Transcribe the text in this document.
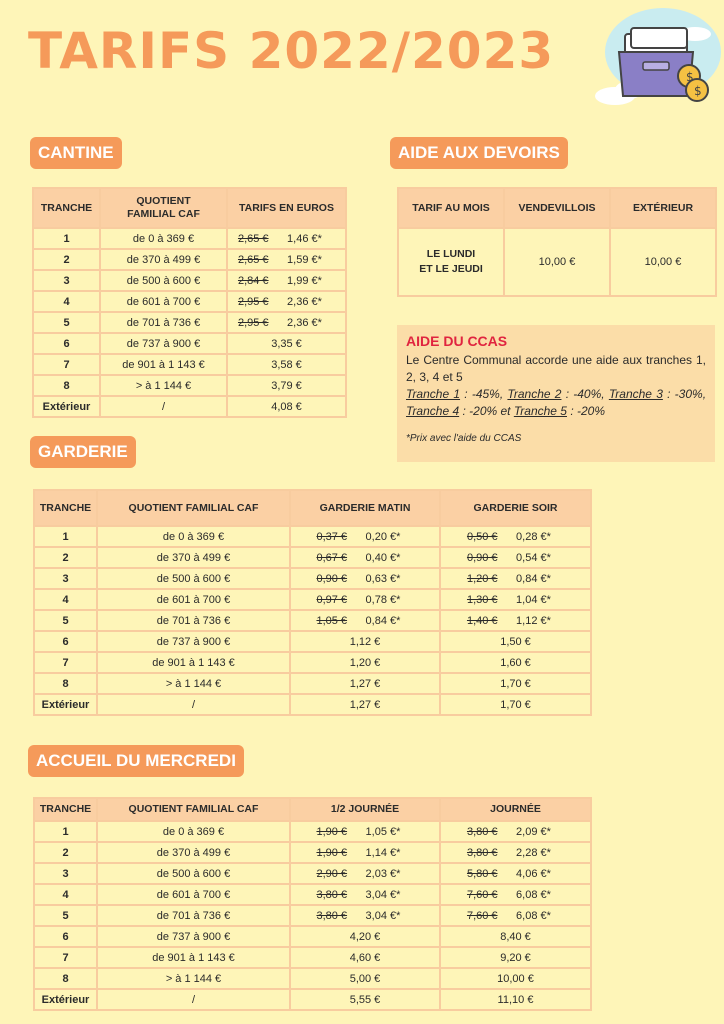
TARIFS 2022/2023	$
$
CANTINE
TRANCHE	QUOTIENT FAMILIAL CAF	TARIFS EN EUROS
1	de 0 à 369 €	2,65 € 1,46 €*
2	de 370 à 499 €	2,65 € 1,59 €*
3	de 500 à 600 €	2,84 € 1,99 €*
4	de 601 à 700 €	2,95 € 2,36 €*
5	de 701 à 736 €	2,95 € 2,36 €*
6	de 737 à 900 €	3,35 €
7	de 901 à 1 143 €	3,58 €
8	> à 1 144 €	3,79 €
Extérieur	/	4,08 €
AIDE AUX DEVOIRS
TARIF AU MOIS	VENDEVILLOIS	EXTÉRIEUR
LE LUNDI
ET LE JEUDI	10,00 €	10,00 €
AIDE DU CCAS

Le Centre Communal accorde une aide aux tranches 1, 2, 3, 4 et 5

Tranche 1 : -45%, Tranche 2 : -40%, Tranche 3 : -30%, Tranche 4 : -20% et Tranche 5 : -20%

*Prix avec l'aide du CCAS

GARDERIE
TRANCHE	QUOTIENT FAMILIAL CAF	GARDERIE MATIN	GARDERIE SOIR
1	de 0 à 369 €	0,37 € 0,20 €*	0,50 € 0,28 €*
2	de 370 à 499 €	0,67 € 0,40 €*	0,90 € 0,54 €*
3	de 500 à 600 €	0,90 € 0,63 €*	1,20 € 0,84 €*
4	de 601 à 700 €	0,97 € 0,78 €*	1,30 € 1,04 €*
5	de 701 à 736 €	1,05 € 0,84 €*	1,40 € 1,12 €*
6	de 737 à 900 €	1,12 €	1,50 €
7	de 901 à 1 143 €	1,20 €	1,60 €
8	> à 1 144 €	1,27 €	1,70 €
Extérieur	/	1,27 €	1,70 €
ACCUEIL DU MERCREDI
TRANCHE	QUOTIENT FAMILIAL CAF	1/2 JOURNÉE	JOURNÉE
1	de 0 à 369 €	1,90 € 1,05 €*	3,80 € 2,09 €*
2	de 370 à 499 €	1,90 € 1,14 €*	3,80 € 2,28 €*
3	de 500 à 600 €	2,90 € 2,03 €*	5,80 € 4,06 €*
4	de 601 à 700 €	3,80 € 3,04 €*	7,60 € 6,08 €*
5	de 701 à 736 €	3,80 € 3,04 €*	7,60 € 6,08 €*
6	de 737 à 900 €	4,20 €	8,40 €
7	de 901 à 1 143 €	4,60 €	9,20 €
8	> à 1 144 €	5,00 €	10,00 €
Extérieur	/	5,55 €	11,10 €
